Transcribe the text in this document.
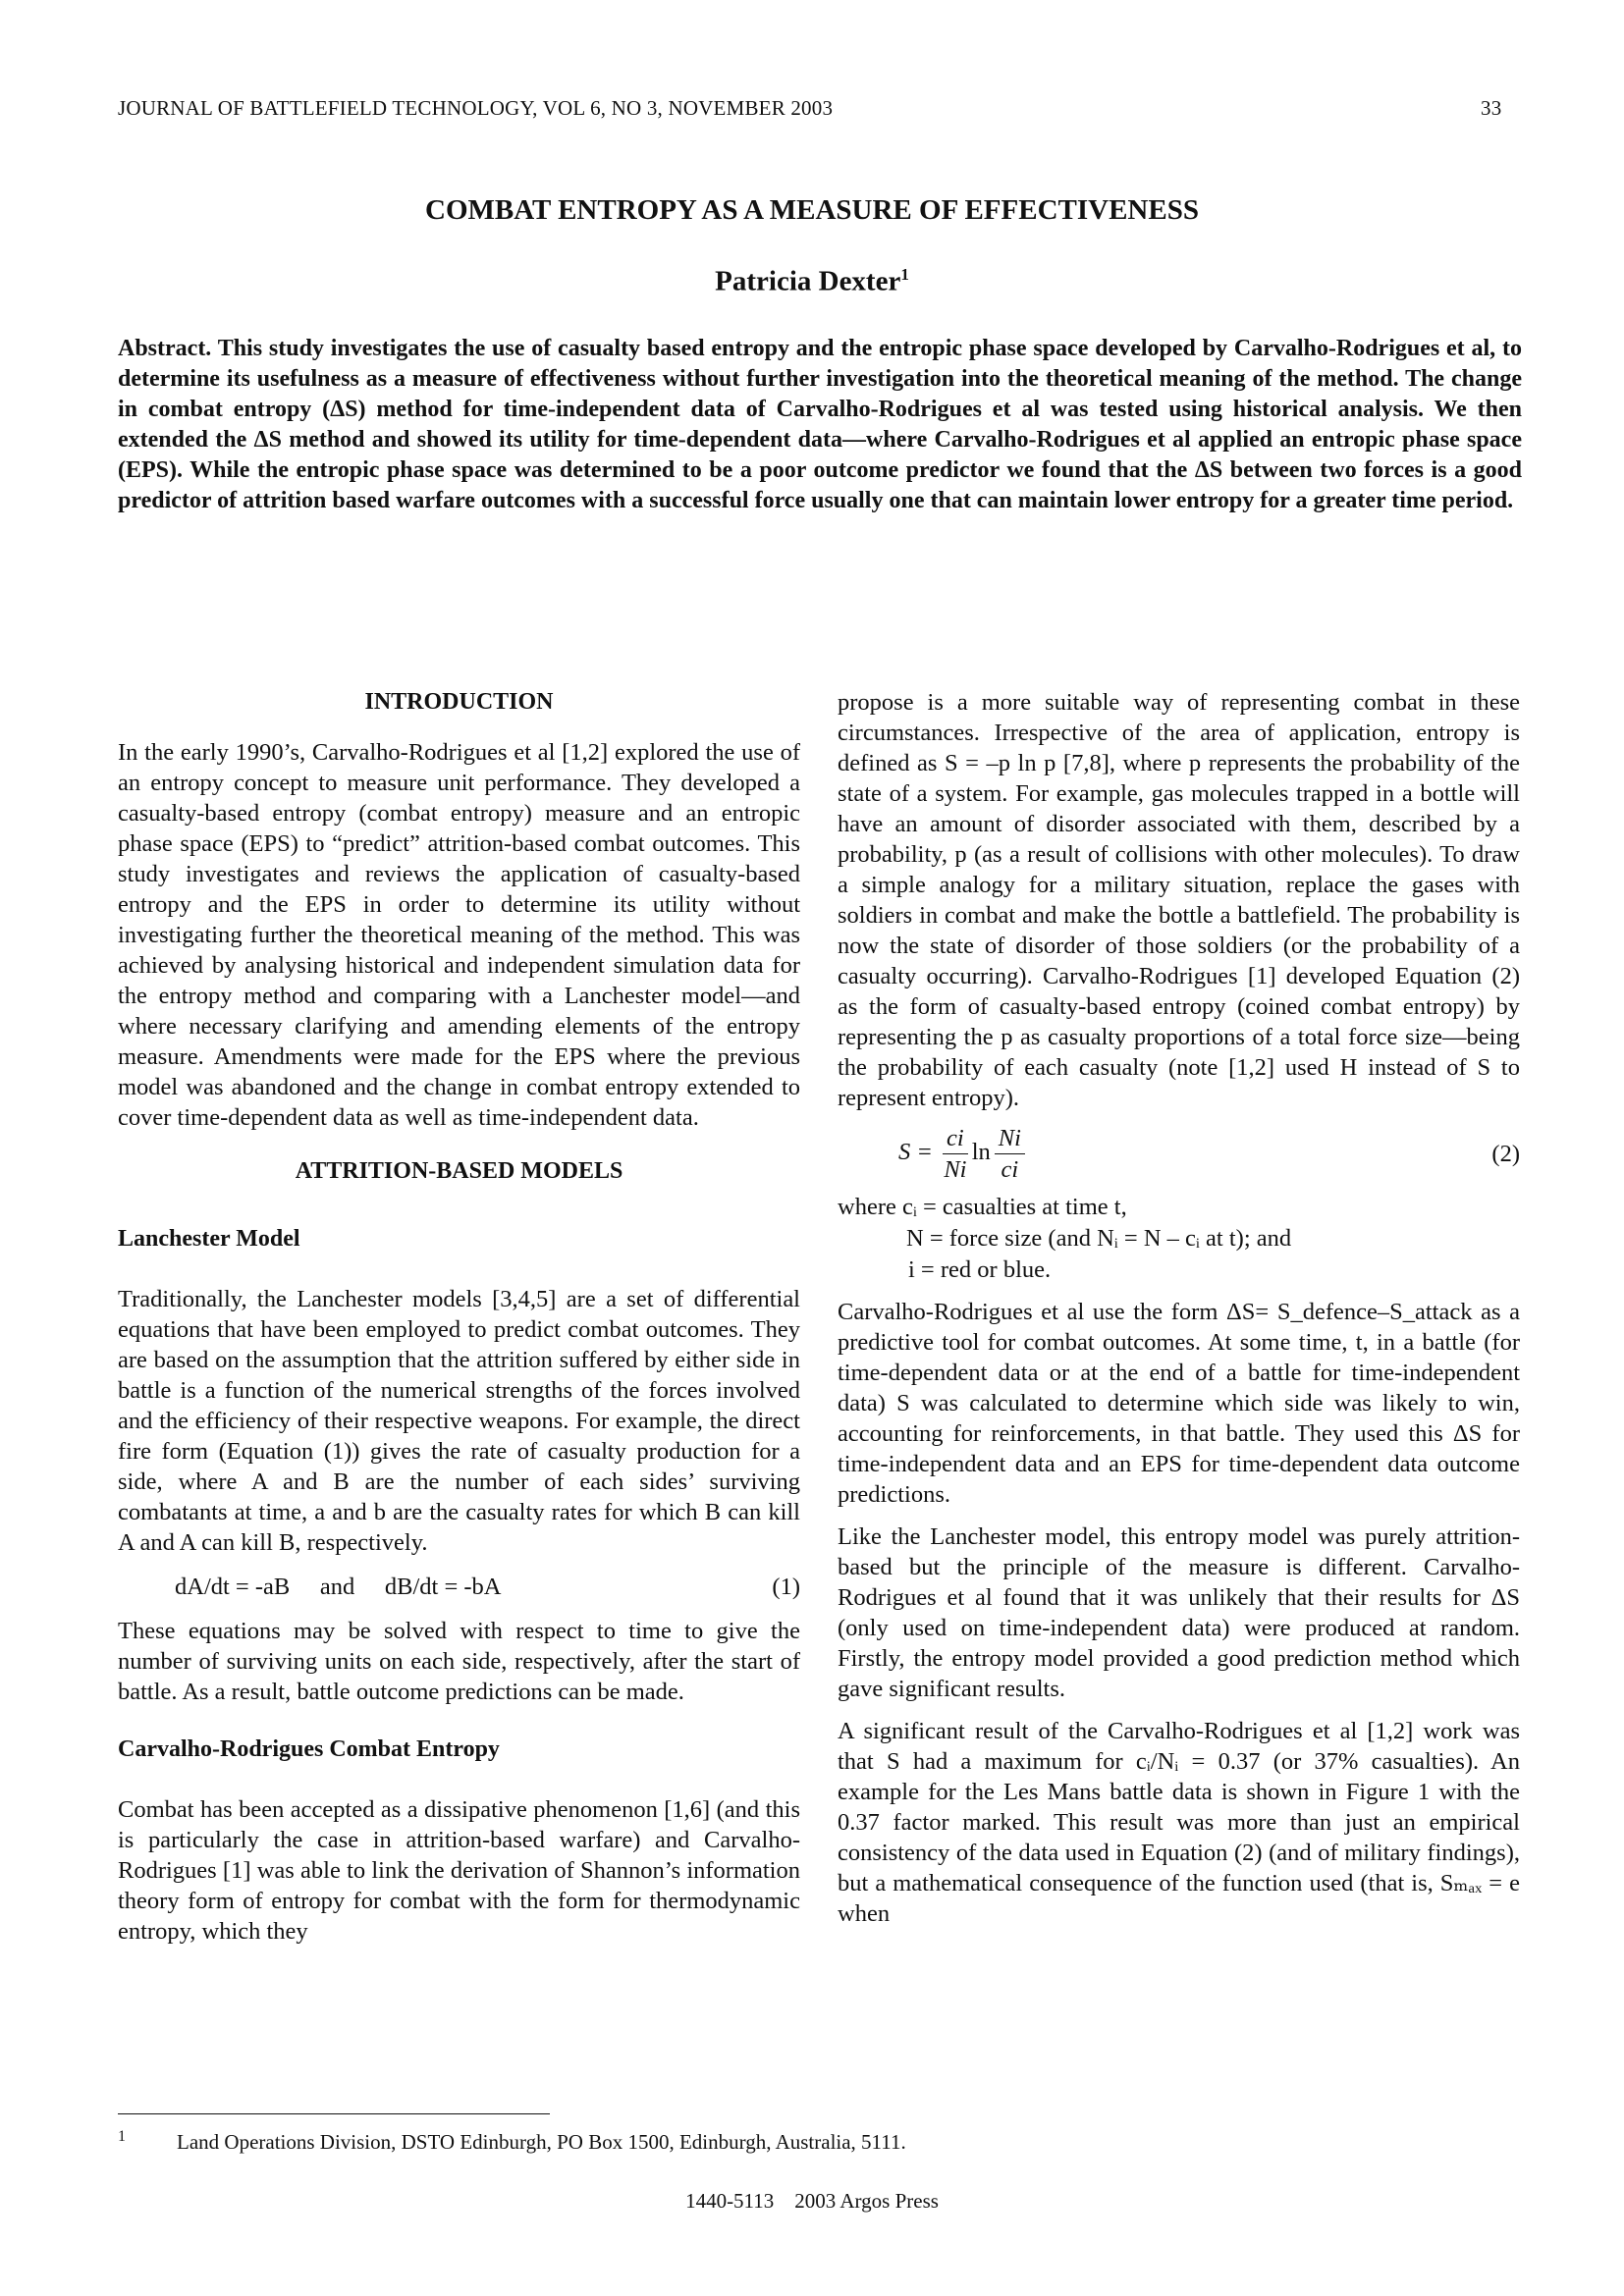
JOURNAL OF BATTLEFIELD TECHNOLOGY, VOL 6, NO 3, NOVEMBER 2003	33
COMBAT ENTROPY AS A MEASURE OF EFFECTIVENESS
Patricia Dexter$^1$
Abstract. This study investigates the use of casualty based entropy and the entropic phase space developed by Carvalho-Rodrigues et al, to determine its usefulness as a measure of effectiveness without further investigation into the theoretical meaning of the method. The change in combat entropy (ΔS) method for time-independent data of Carvalho-Rodrigues et al was tested using historical analysis. We then extended the ΔS method and showed its utility for time-dependent data—where Carvalho-Rodrigues et al applied an entropic phase space (EPS). While the entropic phase space was determined to be a poor outcome predictor we found that the ΔS between two forces is a good predictor of attrition based warfare outcomes with a successful force usually one that can maintain lower entropy for a greater time period.
INTRODUCTION

In the early 1990’s, Carvalho-Rodrigues et al [1,2] explored the use of an entropy concept to measure unit performance. They developed a casualty-based entropy (combat entropy) measure and an entropic phase space (EPS) to “predict” attrition-based combat outcomes. This study investigates and reviews the application of casualty-based entropy and the EPS in order to determine its utility without investigating further the theoretical meaning of the method. This was achieved by analysing historical and independent simulation data for the entropy method and comparing with a Lanchester model—and where necessary clarifying and amending elements of the entropy measure. Amendments were made for the EPS where the previous model was abandoned and the change in combat entropy extended to cover time-dependent data as well as time-independent data.

ATTRITION-BASED MODELS
Lanchester Model

Traditionally, the Lanchester models [3,4,5] are a set of differential equations that have been employed to predict combat outcomes. They are based on the assumption that the attrition suffered by either side in battle is a function of the numerical strengths of the forces involved and the efficiency of their respective weapons. For example, the direct fire form (Equation (1)) gives the rate of casualty production for a side, where A and B are the number of each sides’ surviving combatants at time, a and b are the casualty rates for which B can kill A and A can kill B, respectively.

dA/dt = -aB and dB/dt = -bA	(1)

These equations may be solved with respect to time to give the number of surviving units on each side, respectively, after the start of battle. As a result, battle outcome predictions can be made.

Carvalho-Rodrigues Combat Entropy

Combat has been accepted as a dissipative phenomenon [1,6] (and this is particularly the case in attrition-based warfare) and Carvalho-Rodrigues [1] was able to link the derivation of Shannon’s information theory form of entropy for combat with the form for thermodynamic entropy, which they

propose is a more suitable way of representing combat in these circumstances. Irrespective of the area of application, entropy is defined as S = –p ln p [7,8], where p represents the probability of the state of a system. For example, gas molecules trapped in a bottle will have an amount of disorder associated with them, described by a probability, p (as a result of collisions with other molecules). To draw a simple analogy for a military situation, replace the gases with soldiers in combat and make the bottle a battlefield. The probability is now the state of disorder of those soldiers (or the probability of a casualty occurring). Carvalho-Rodrigues [1] developed Equation (2) as the form of casualty-based entropy (coined combat entropy) by representing the p as casualty proportions of a total force size—being the probability of each casualty (note [1,2] used H instead of S to represent entropy).

$S = \frac{ci}{Ni}$ $\ln \frac{Ni}{ci}$	(2)
where cᵢ = casualties at time t,
N = force size (and Nᵢ = N – cᵢ at t); and
i = red or blue.

Carvalho-Rodrigues et al use the form ΔS= S_defence–S_attack as a predictive tool for combat outcomes. At some time, t, in a battle (for time-dependent data or at the end of a battle for time-independent data) S was calculated to determine which side was likely to win, accounting for reinforcements, in that battle. They used this ΔS for time-independent data and an EPS for time-dependent data outcome predictions.

Like the Lanchester model, this entropy model was purely attrition-based but the principle of the measure is different. Carvalho-Rodrigues et al found that it was unlikely that their results for ΔS (only used on time-independent data) were produced at random. Firstly, the entropy model provided a good prediction method which gave significant results.

A significant result of the Carvalho-Rodrigues et al [1,2] work was that S had a maximum for cᵢ/Nᵢ = 0.37 (or 37% casualties). An example for the Les Mans battle data is shown in Figure 1 with the 0.37 factor marked. This result was more than just an empirical consistency of the data used in Equation (2) (and of military findings), but a mathematical consequence of the function used (that is, Sₘₐₓ = e when

1 Land Operations Division, DSTO Edinburgh, PO Box 1500, Edinburgh, Australia, 5111.
1440-5113    2003 Argos Press
